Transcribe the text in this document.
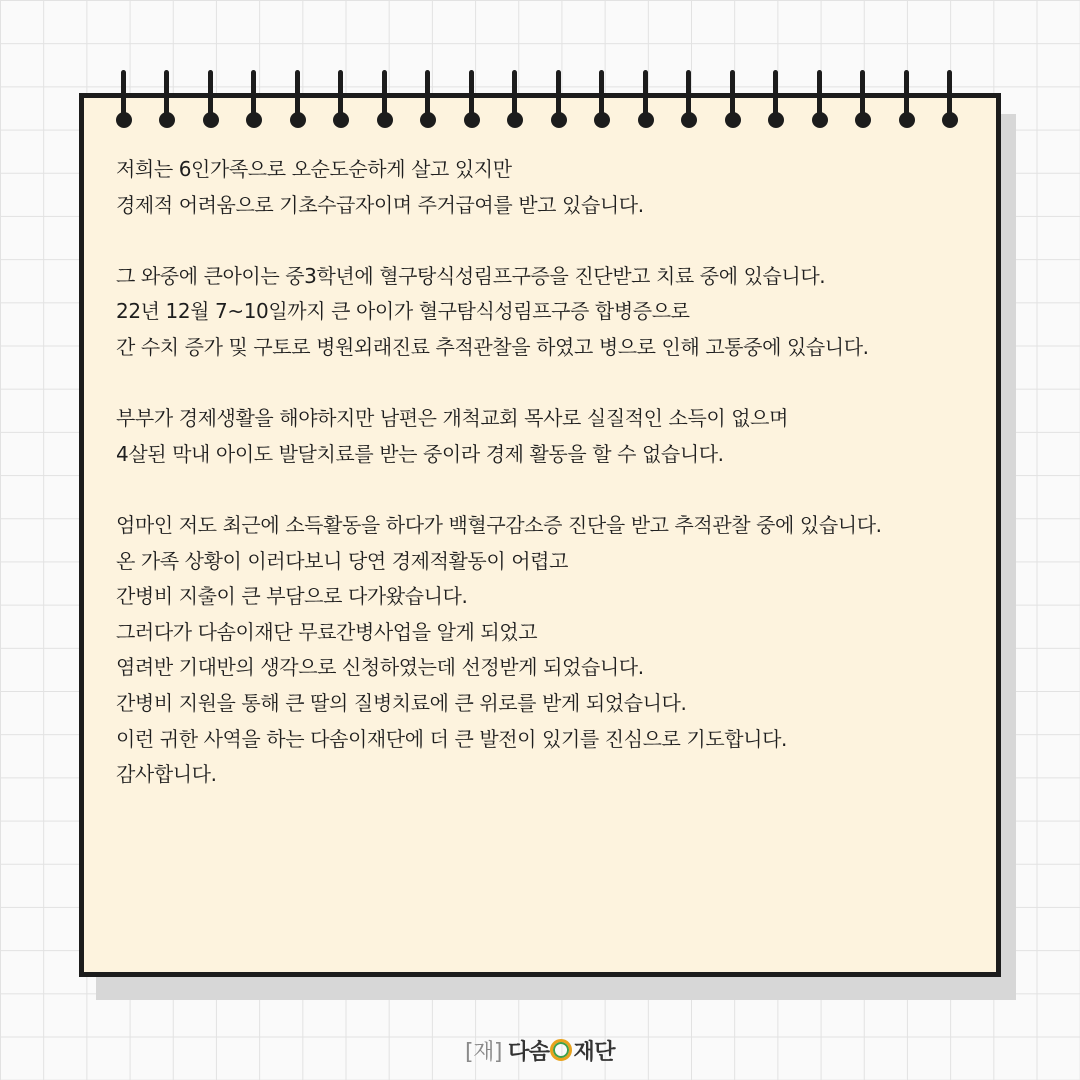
저희는 6인가족으로 오순도순하게 살고 있지만
경제적 어려움으로 기초수급자이며 주거급여를 받고 있습니다.
그 와중에 큰아이는 중3학년에 혈구탕식성림프구증을 진단받고 치료 중에 있습니다.
22년 12월 7~10일까지 큰 아이가 혈구탐식성림프구증 합병증으로
간 수치 증가 및 구토로 병원외래진료 추적관찰을 하였고 병으로 인해 고통중에 있습니다.
부부가 경제생활을 해야하지만 남편은 개척교회 목사로 실질적인 소득이 없으며
4살된 막내 아이도 발달치료를 받는 중이라 경제 활동을 할 수 없습니다.
엄마인 저도 최근에 소득활동을 하다가 백혈구감소증 진단을 받고 추적관찰 중에 있습니다.
온 가족 상황이 이러다보니 당연 경제적활동이 어렵고
간병비 지출이 큰 부담으로 다가왔습니다.
그러다가 다솜이재단 무료간병사업을 알게 되었고
염려반 기대반의 생각으로 신청하였는데 선정받게 되었습니다.
간병비 지원을 통해 큰 딸의 질병치료에 큰 위로를 받게 되었습니다.
이런 귀한 사역을 하는 다솜이재단에 더 큰 발전이 있기를 진심으로 기도합니다.
감사합니다.
[재] 다솜 재단
